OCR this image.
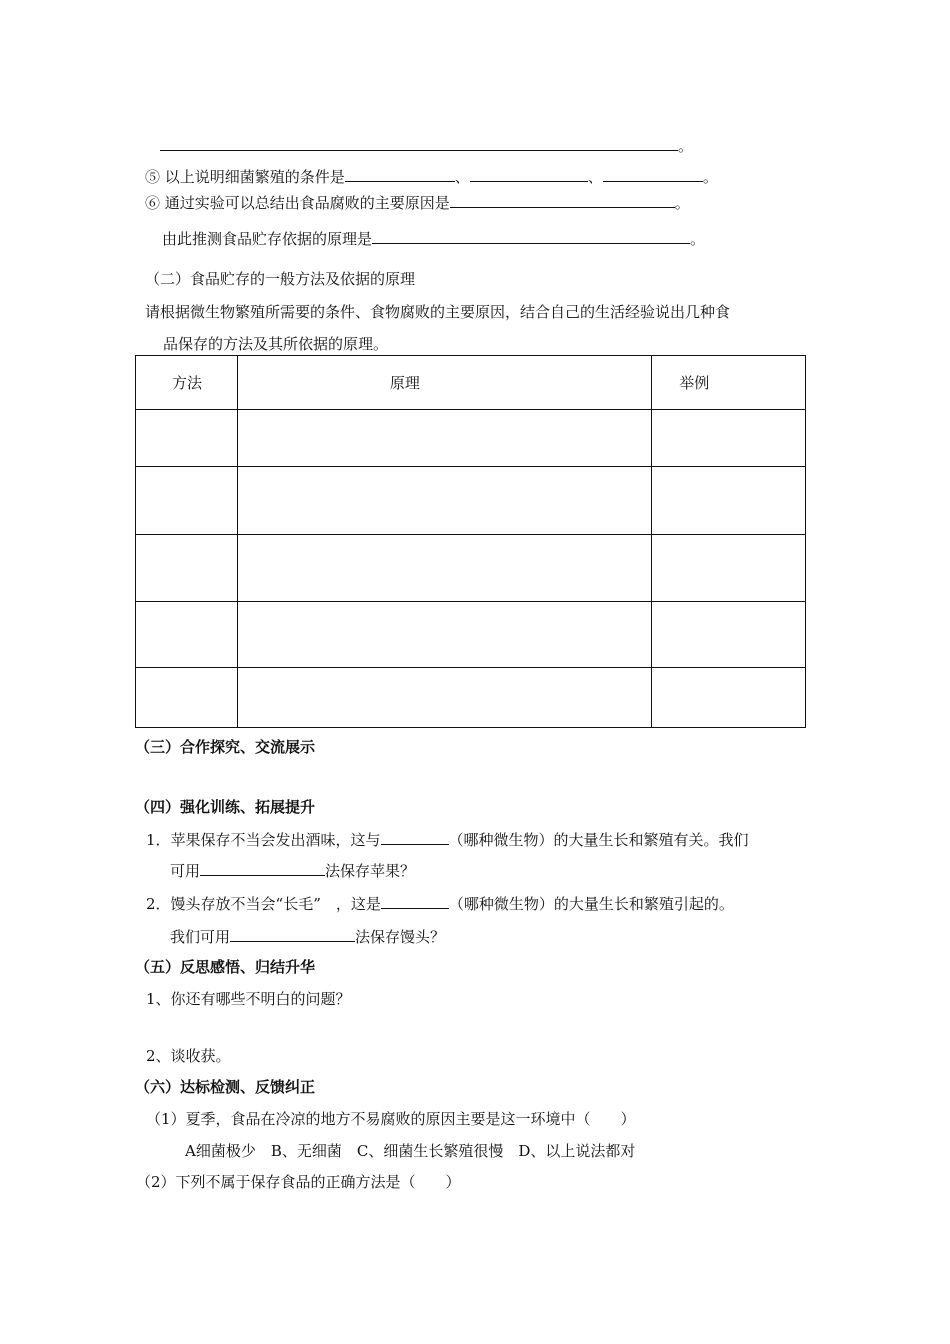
。
⑤ 以上说明细菌繁殖的条件是	、	、	。
⑥ 通过实验可以总结出食品腐败的主要原因是	。
由此推测食品贮存依据的原理是	。
（二）食品贮存的一般方法及依据的原理
请根据微生物繁殖所需要的条件、食物腐败的主要原因，结合自己的生活经验说出几种食
品保存的方法及其所依据的原理。
方法	原理	举例

（三）合作探究、交流展示
（四）强化训练、拓展提升
1．苹果保存不当会发出酒味，这与	（哪种微生物）的大量生长和繁殖有关。我们
可用	法保存苹果？
2．馒头存放不当会“长毛”　，这是	（哪种微生物）的大量生长和繁殖引起的。
我们可用	法保存馒头？
（五）反思感悟、归结升华
1、你还有哪些不明白的问题？
2、谈收获。
（六）达标检测、反馈纠正
（1）夏季，食品在冷凉的地方不易腐败的原因主要是这一环境中（　　）
A细菌极少　B、无细菌　C、细菌生长繁殖很慢　D、以上说法都对
（2）下列不属于保存食品的正确方法是（　　）
